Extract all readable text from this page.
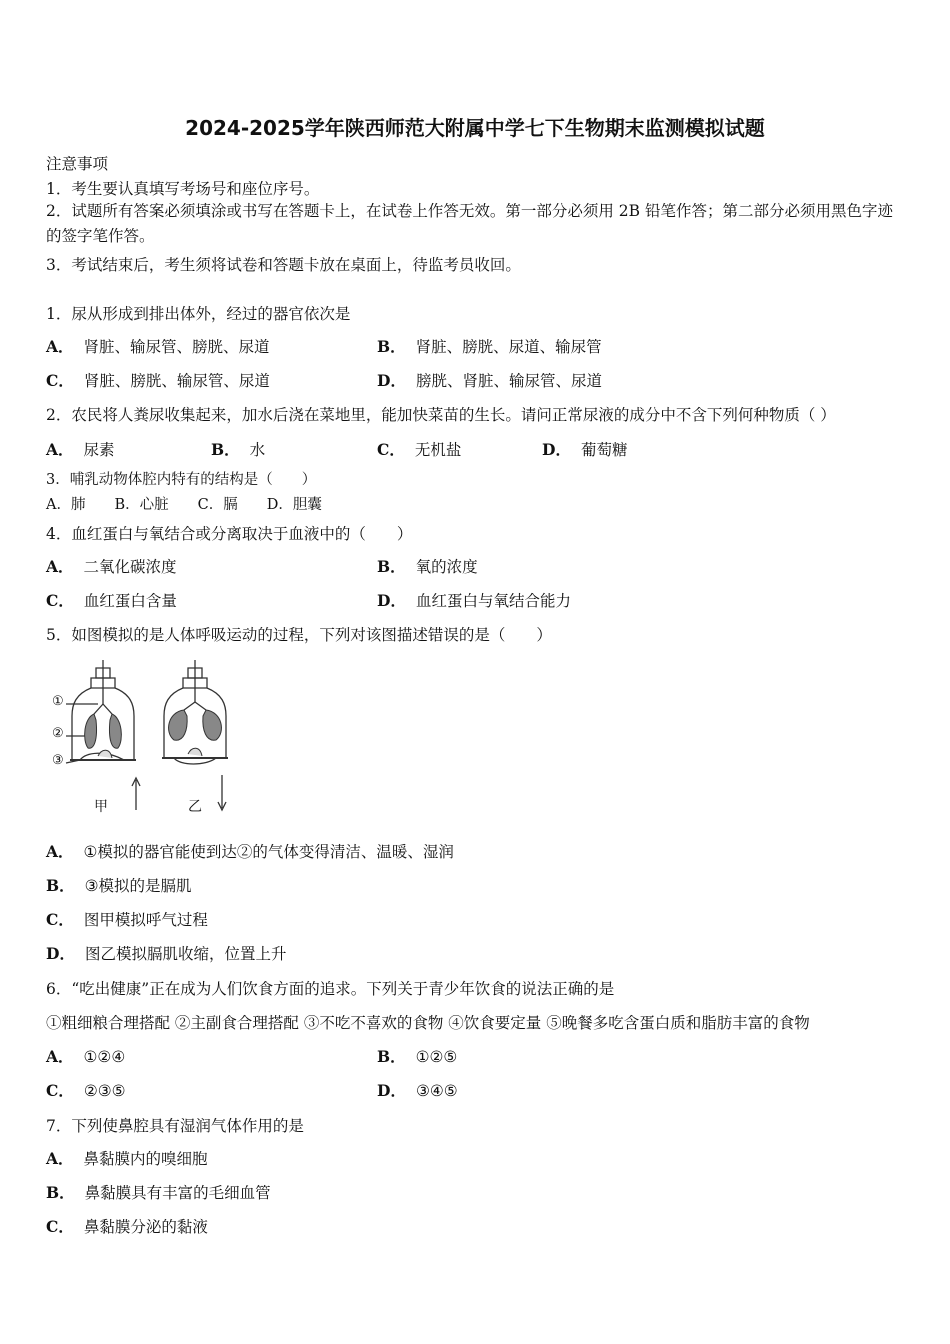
2024-2025学年陕西师范大附属中学七下生物期末监测模拟试题
注意事项
1．考生要认真填写考场号和座位序号。
2．试题所有答案必须填涂或书写在答题卡上，在试卷上作答无效。第一部分必须用 2B 铅笔作答；第二部分必须用黑色字迹的签字笔作答。
3．考试结束后，考生须将试卷和答题卡放在桌面上，待监考员收回。
1．尿从形成到排出体外，经过的器官依次是
A． 肾脏、输尿管、膀胱、尿道	B． 肾脏、膀胱、尿道、输尿管
C． 肾脏、膀胱、输尿管、尿道	D． 膀胱、肾脏、输尿管、尿道
2．农民将人粪尿收集起来，加水后浇在菜地里，能加快菜苗的生长。请问正常尿液的成分中不含下列何种物质（ ）
A． 尿素	B． 水	C． 无机盐	D． 葡萄糖
3．哺乳动物体腔内特有的结构是（　　）
A．肺　　B．心脏　　C．膈　　D．胆囊
4．血红蛋白与氧结合或分离取决于血液中的（　　）
A． 二氧化碳浓度	B． 氧的浓度
C． 血红蛋白含量	D． 血红蛋白与氧结合能力
5．如图模拟的是人体呼吸运动的过程，下列对该图描述错误的是（　　）
①
②
③
甲	乙
A． ①模拟的器官能使到达②的气体变得清洁、温暖、湿润
B． ③模拟的是膈肌
C． 图甲模拟呼气过程
D． 图乙模拟膈肌收缩，位置上升
6．“吃出健康”正在成为人们饮食方面的追求。下列关于青少年饮食的说法正确的是
①粗细粮合理搭配 ②主副食合理搭配 ③不吃不喜欢的食物 ④饮食要定量 ⑤晚餐多吃含蛋白质和脂肪丰富的食物
A． ①②④	B． ①②⑤
C． ②③⑤	D． ③④⑤
7．下列使鼻腔具有湿润气体作用的是
A． 鼻黏膜内的嗅细胞
B． 鼻黏膜具有丰富的毛细血管
C． 鼻黏膜分泌的黏液
